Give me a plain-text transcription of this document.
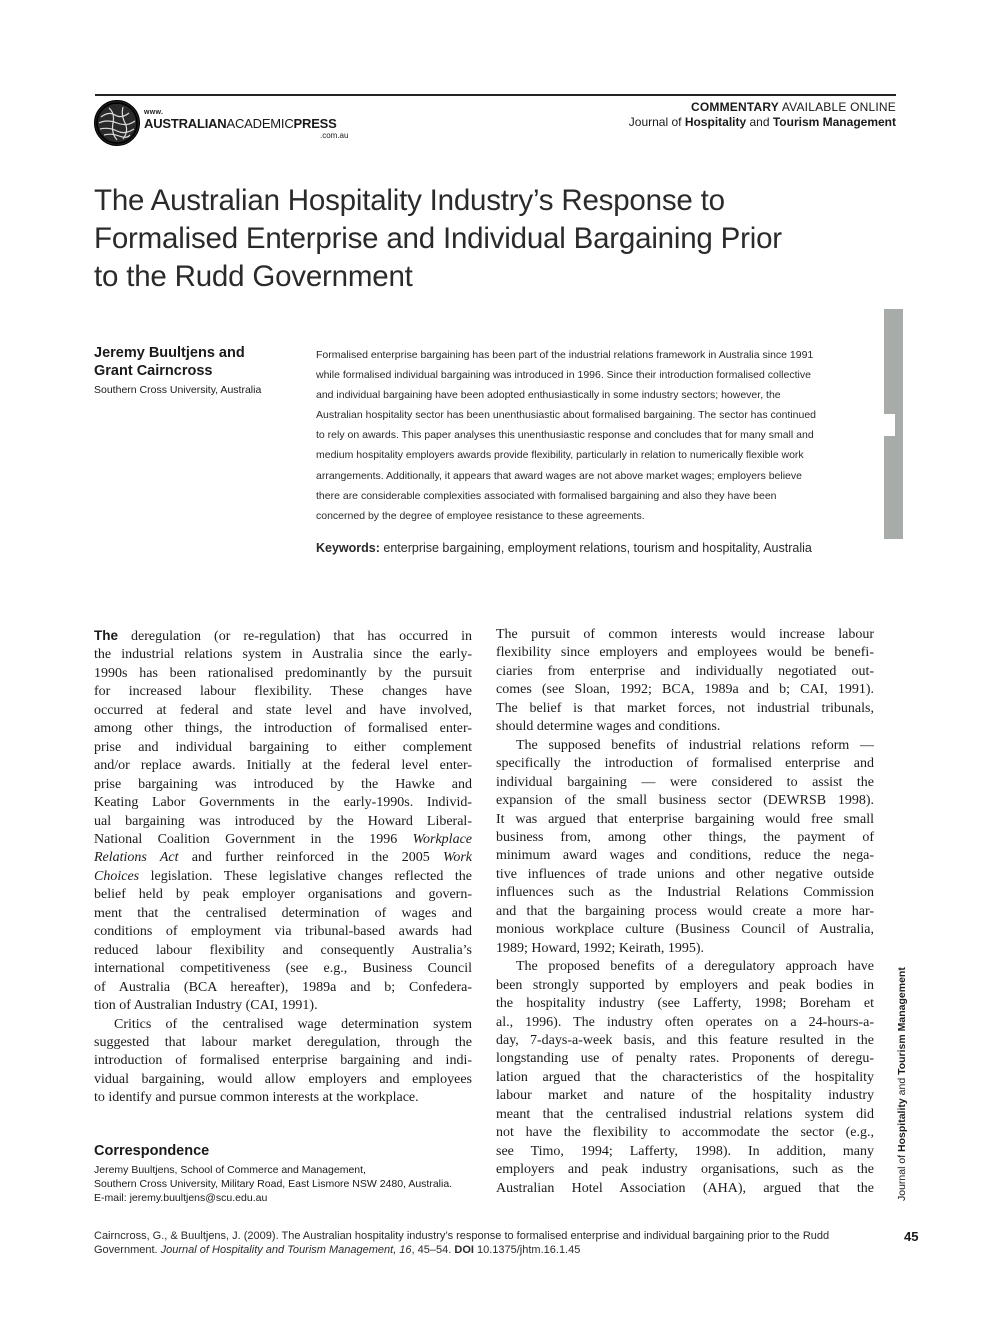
www.
AUSTRALIANACADEMICPRESS
.com.au
COMMENTARY AVAILABLE ONLINE
Journal of Hospitality and Tourism Management
The Australian Hospitality Industry’s Response to
Formalised Enterprise and Individual Bargaining Prior
to the Rudd Government
Jeremy Buultjens and
Grant Cairncross
Southern Cross University, Australia
Formalised enterprise bargaining has been part of the industrial relations framework in Australia since 1991
while formalised individual bargaining was introduced in 1996. Since their introduction formalised collective
and individual bargaining have been adopted enthusiastically in some industry sectors; however, the
Australian hospitality sector has been unenthusiastic about formalised bargaining. The sector has continued
to rely on awards. This paper analyses this unenthusiastic response and concludes that for many small and
medium hospitality employers awards provide flexibility, particularly in relation to numerically flexible work
arrangements. Additionally, it appears that award wages are not above market wages; employers believe
there are considerable complexities associated with formalised bargaining and also they have been
concerned by the degree of employee resistance to these agreements.
Keywords: enterprise bargaining, employment relations, tourism and hospitality, Australia
The deregulation (or re-regulation) that has occurred in
the industrial relations system in Australia since the early-
1990s has been rationalised predominantly by the pursuit
for increased labour flexibility. These changes have
occurred at federal and state level and have involved,
among other things, the introduction of formalised enter-
prise and individual bargaining to either complement
and/or replace awards. Initially at the federal level enter-
prise bargaining was introduced by the Hawke and
Keating Labor Governments in the early-1990s. Individ-
ual bargaining was introduced by the Howard Liberal-
National Coalition Government in the 1996 Workplace
Relations Act and further reinforced in the 2005 Work
Choices legislation. These legislative changes reflected the
belief held by peak employer organisations and govern-
ment that the centralised determination of wages and
conditions of employment via tribunal-based awards had
reduced labour flexibility and consequently Australia’s
international competitiveness (see e.g., Business Council
of Australia (BCA hereafter), 1989a and b; Confedera-
tion of Australian Industry (CAI, 1991).
Critics of the centralised wage determination system
suggested that labour market deregulation, through the
introduction of formalised enterprise bargaining and indi-
vidual bargaining, would allow employers and employees
to identify and pursue common interests at the workplace.
The pursuit of common interests would increase labour
flexibility since employers and employees would be benefi-
ciaries from enterprise and individually negotiated out-
comes (see Sloan, 1992; BCA, 1989a and b; CAI, 1991).
The belief is that market forces, not industrial tribunals,
should determine wages and conditions.
The supposed benefits of industrial relations reform —
specifically the introduction of formalised enterprise and
individual bargaining — were considered to assist the
expansion of the small business sector (DEWRSB 1998).
It was argued that enterprise bargaining would free small
business from, among other things, the payment of
minimum award wages and conditions, reduce the nega-
tive influences of trade unions and other negative outside
influences such as the Industrial Relations Commission
and that the bargaining process would create a more har-
monious workplace culture (Business Council of Australia,
1989; Howard, 1992; Keirath, 1995).
The proposed benefits of a deregulatory approach have
been strongly supported by employers and peak bodies in
the hospitality industry (see Lafferty, 1998; Boreham et
al., 1996). The industry often operates on a 24-hours-a-
day, 7-days-a-week basis, and this feature resulted in the
longstanding use of penalty rates. Proponents of deregu-
lation argued that the characteristics of the hospitality
labour market and nature of the hospitality industry
meant that the centralised industrial relations system did
not have the flexibility to accommodate the sector (e.g.,
see Timo, 1994; Lafferty, 1998). In addition, many
employers and peak industry organisations, such as the
Australian Hotel Association (AHA), argued that the
Correspondence
Jeremy Buultjens, School of Commerce and Management,
Southern Cross University, Military Road, East Lismore NSW 2480, Australia.
E-mail: jeremy.buultjens@scu.edu.au	Journal of Hospitality and Tourism Management
Cairncross, G., & Buultjens, J. (2009). The Australian hospitality industry’s response to formalised enterprise and individual bargaining prior to the Rudd
Government. Journal of Hospitality and Tourism Management, 16, 45–54. DOI 10.1375/jhtm.16.1.45
45
